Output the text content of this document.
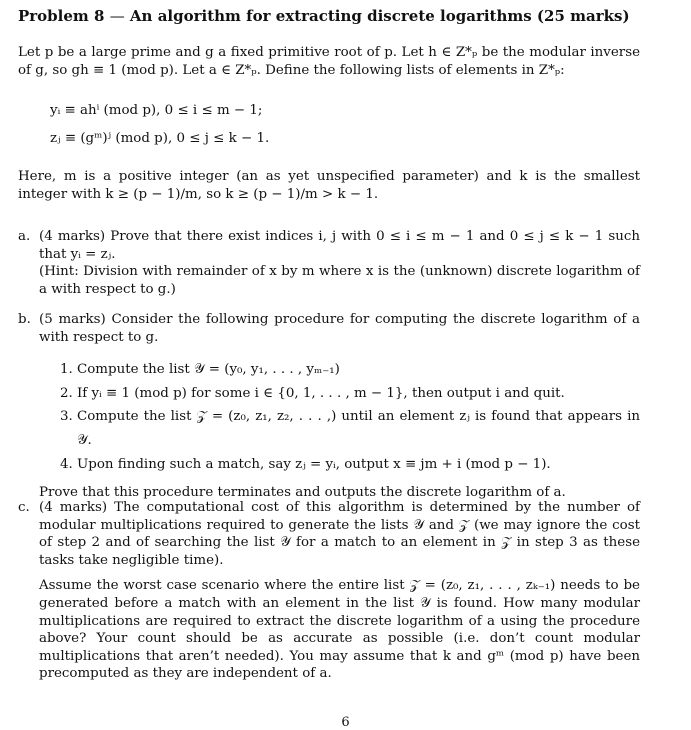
Problem 8 — An algorithm for extracting discrete logarithms (25 marks)

Let p be a large prime and g a fixed primitive root of p. Let h ∈ Z*ₚ be the modular inverse of g, so gh ≡ 1 (mod p). Let a ∈ Z*ₚ. Define the following lists of elements in Z*ₚ:

yᵢ ≡ ahⁱ (mod p), 0 ≤ i ≤ m − 1;
zⱼ ≡ (gᵐ)ʲ (mod p), 0 ≤ j ≤ k − 1.

Here, m is a positive integer (an as yet unspecified parameter) and k is the smallest integer with k ≥ (p − 1)/m, so k ≥ (p − 1)/m > k − 1.

a. (4 marks) Prove that there exist indices i, j with 0 ≤ i ≤ m − 1 and 0 ≤ j ≤ k − 1 such that yᵢ = zⱼ.
(Hint: Division with remainder of x by m where x is the (unknown) discrete logarithm of a with respect to g.)
b. (5 marks) Consider the following procedure for computing the discrete logarithm of a with respect to g.
1. Compute the list 𝒴 = (y₀, y₁, . . . , yₘ₋₁)
2. If yᵢ ≡ 1 (mod p) for some i ∈ {0, 1, . . . , m − 1}, then output i and quit.
3. Compute the list 𝒵 = (z₀, z₁, z₂, . . . ,) until an element zⱼ is found that appears in 𝒴.
4. Upon finding such a match, say zⱼ = yᵢ, output x ≡ jm + i (mod p − 1).
Prove that this procedure terminates and outputs the discrete logarithm of a.
c. (4 marks) The computational cost of this algorithm is determined by the number of modular multiplications required to generate the lists 𝒴 and 𝒵 (we may ignore the cost of step 2 and of searching the list 𝒴 for a match to an element in 𝒵 in step 3 as these tasks take negligible time).
Assume the worst case scenario where the entire list 𝒵 = (z₀, z₁, . . . , zₖ₋₁) needs to be generated before a match with an element in the list 𝒴 is found. How many modular multiplications are required to extract the discrete logarithm of a using the procedure above? Your count should be as accurate as possible (i.e. don’t count modular multiplications that aren’t needed). You may assume that k and gᵐ (mod p) have been precomputed as they are independent of a.
6
